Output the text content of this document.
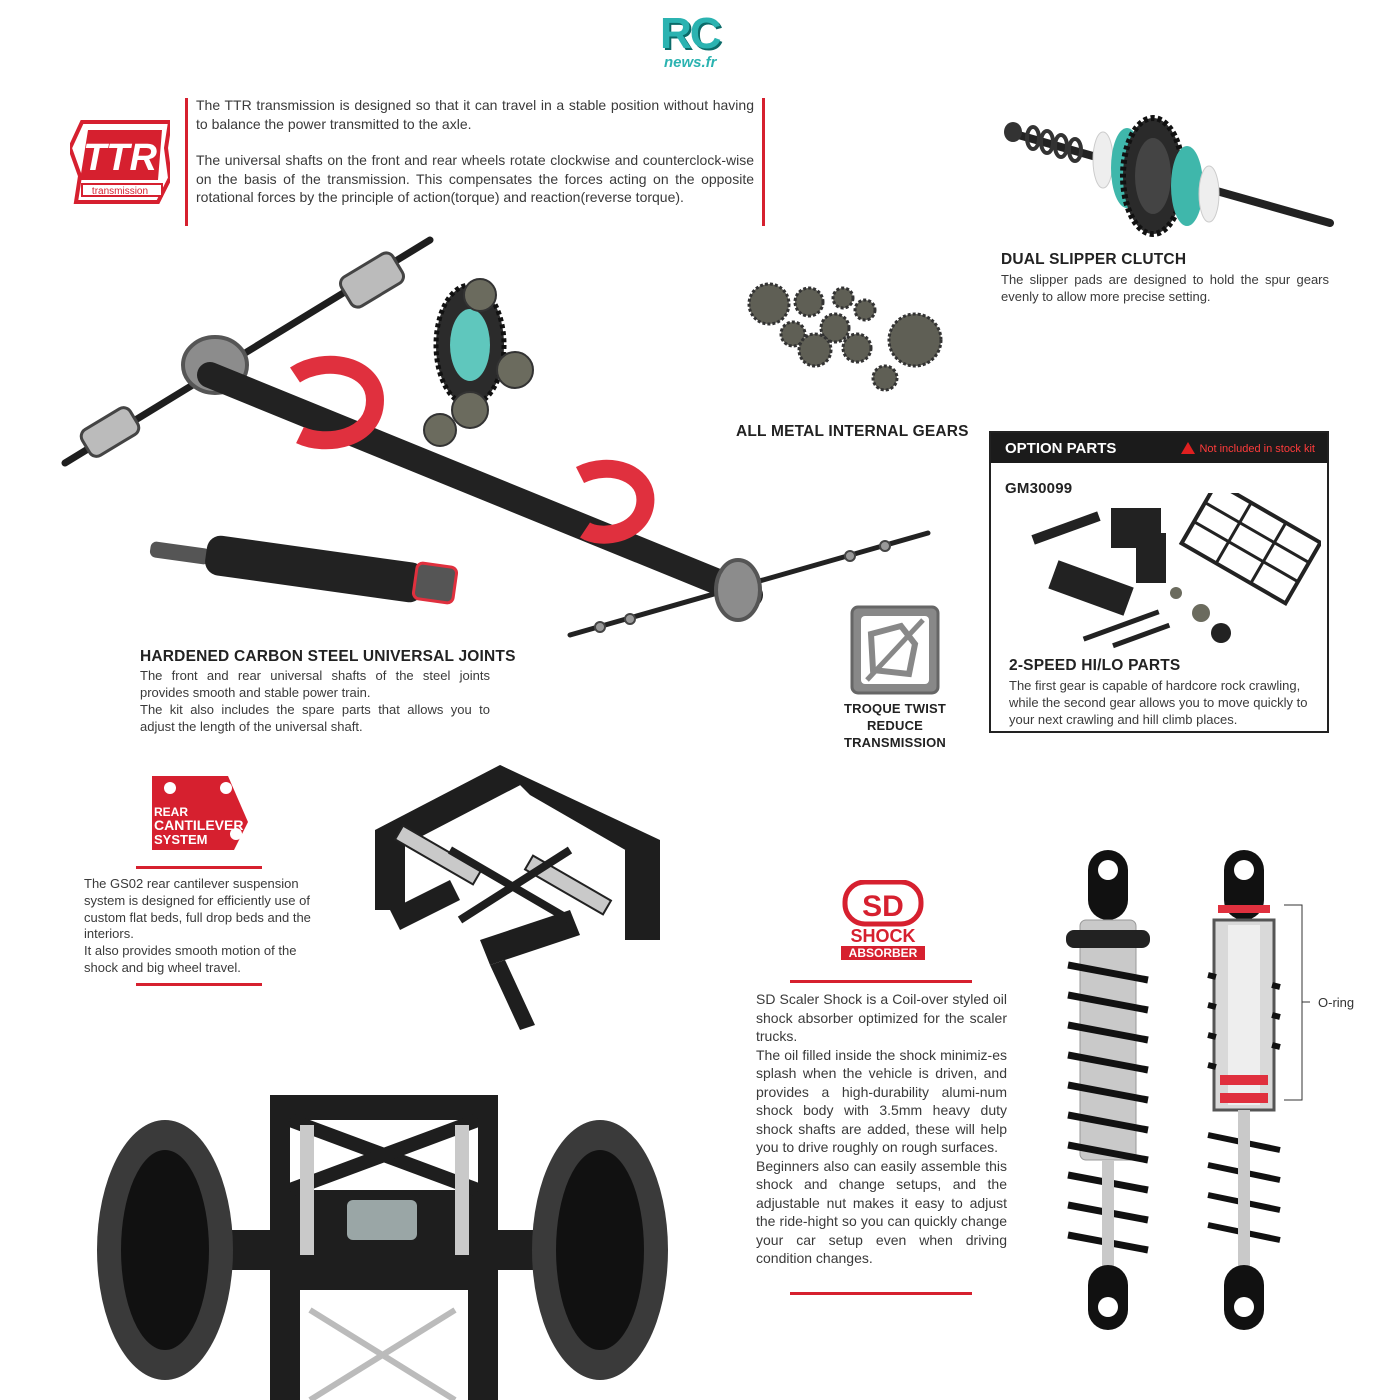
RC
news.fr
TTR
transmission

The TTR transmission is designed so that it can travel in a stable position without having to balance the power transmitted to the axle.

The universal shafts on the front and rear wheels rotate clockwise and counterclock-wise on the basis of the transmission. This compensates the forces acting on the opposite rotational forces by the principle of action(torque) and reaction(reverse torque).

DUAL SLIPPER CLUTCH
The slipper pads are designed to hold the spur gears evenly to allow more precise setting.
ALL METAL INTERNAL GEARS
OPTION PARTS	Not included in stock kit
GM30099
2-SPEED HI/LO PARTS
The first gear is capable of hardcore rock crawling, while the second gear allows you to move quickly to your next crawling and hill climb places.
HARDENED CARBON STEEL UNIVERSAL JOINTS

The front and rear universal shafts of the steel joints provides smooth and stable power train.

The kit also includes the spare parts that allows you to adjust the length of the universal shaft.

TROQUE TWIST
REDUCE TRANSMISSION
REAR
CANTILEVER
SYSTEM

The GS02 rear cantilever suspension system is designed for efficiently use of custom flat beds, full drop beds and the interiors.

It also provides smooth motion of the shock and big wheel travel.

SD
SHOCK
ABSORBER

SD Scaler Shock is a Coil-over styled oil shock absorber optimized for the scaler trucks.

The oil filled inside the shock minimiz-es splash when the vehicle is driven, and provides a high-durability alumi-num shock body with 3.5mm heavy duty shock shafts are added, these will help you to drive roughly on rough surfaces.

Beginners also can easily assemble this shock and change setups, and the adjustable nut makes it easy to adjust the ride-hight so you can quickly change your car setup even when driving condition changes.

O-ring
